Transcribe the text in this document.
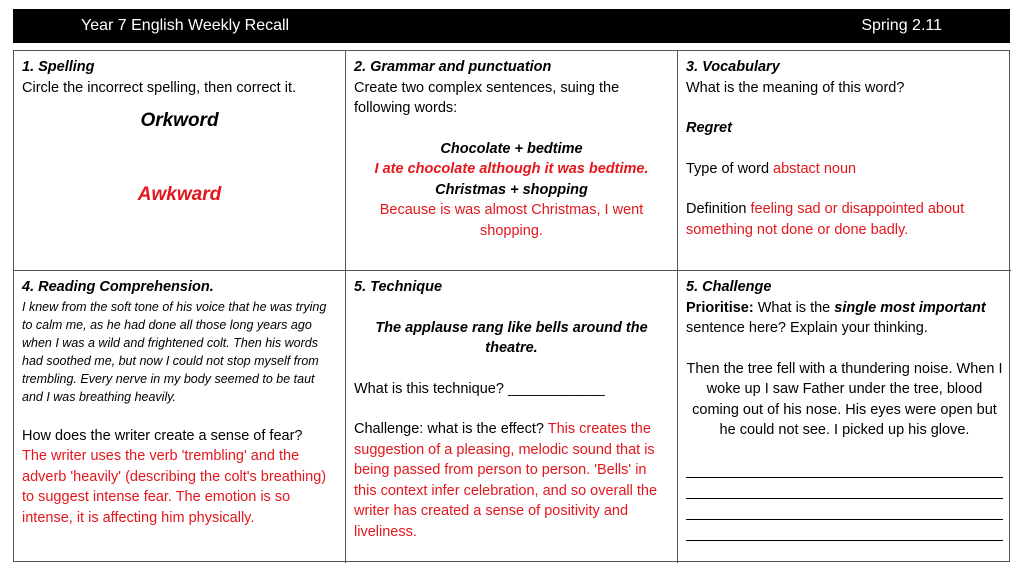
Year 7 English Weekly Recall	Spring 2.11
1. Spelling
Circle the incorrect spelling, then correct it.
Orkword
Awkward
2. Grammar and punctuation
Create two complex sentences, suing the following words:
Chocolate + bedtime
I ate chocolate although it was bedtime.
Christmas + shopping
Because is was almost Christmas, I went shopping.
3. Vocabulary
What is the meaning of this word?
Regret
Type of word abstact noun
Definition feeling sad or disappointed about something not done or done badly.
4. Reading Comprehension.
I knew from the soft tone of his voice that he was trying to calm me, as he had done all those long years ago when I was a wild and frightened colt. Then his words had soothed me, but now I could not stop myself from trembling. Every nerve in my body seemed to be taut and I was breathing heavily.
How does the writer create a sense of fear?
The writer uses the verb 'trembling' and the adverb 'heavily' (describing the colt's breathing) to suggest intense fear. The emotion is so intense, it is affecting him physically.
5. Technique
The applause rang like bells around the theatre.
What is this technique? ____________
Challenge: what is the effect? This creates the suggestion of a pleasing, melodic sound that is being passed from person to person. 'Bells' in this context infer celebration, and so overall the writer has created a sense of positivity and liveliness.
5. Challenge
Prioritise: What is the single most important sentence here? Explain your thinking.
Then the tree fell with a thundering noise. When I woke up I saw Father under the tree, blood coming out of his nose. His eyes were open but he could not see. I picked up his glove.
